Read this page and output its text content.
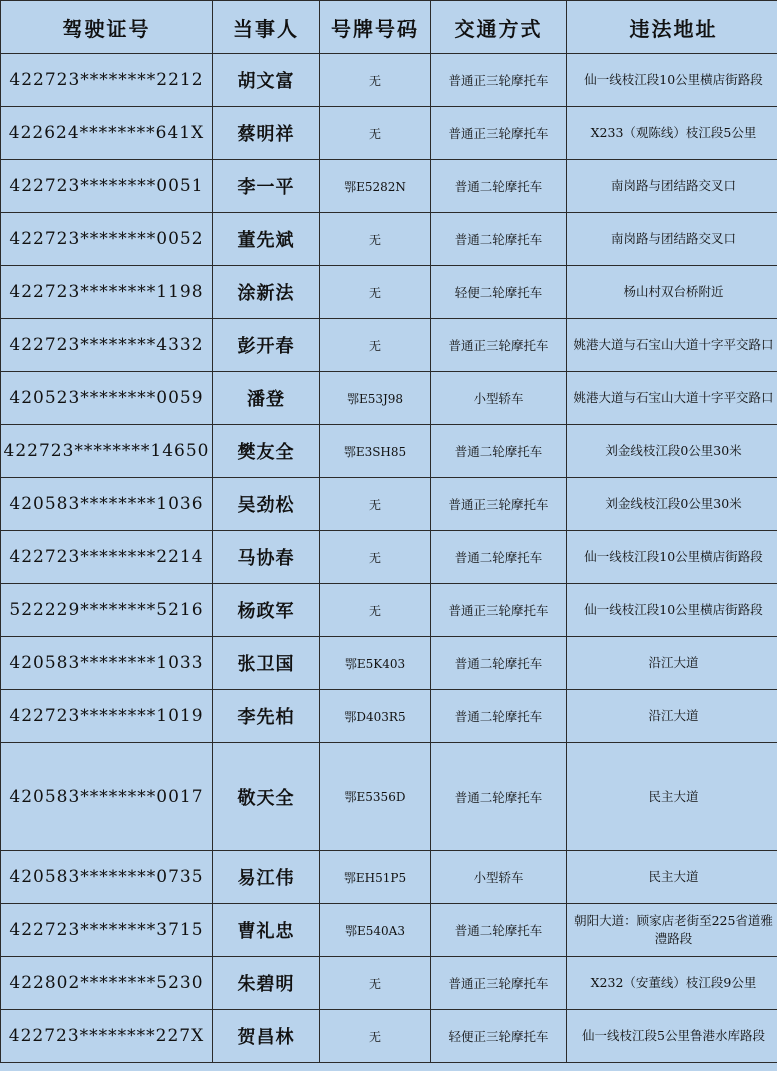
驾驶证号	当事人	号牌号码	交通方式	违法地址
422723********2212	胡文富	无	普通正三轮摩托车	仙一线枝江段10公里横店街路段
422624********641X	蔡明祥	无	普通正三轮摩托车	X233（观陈线）枝江段5公里
422723********0051	李一平	鄂E5282N	普通二轮摩托车	南岗路与团结路交叉口
422723********0052	董先斌	无	普通二轮摩托车	南岗路与团结路交叉口
422723********1198	涂新法	无	轻便二轮摩托车	杨山村双台桥附近
422723********4332	彭开春	无	普通正三轮摩托车	姚港大道与石宝山大道十字平交路口
420523********0059	潘登	鄂E53J98	小型轿车	姚港大道与石宝山大道十字平交路口
422723********14650	樊友全	鄂E3SH85	普通二轮摩托车	刘金线枝江段0公里30米
420583********1036	吴劲松	无	普通正三轮摩托车	刘金线枝江段0公里30米
422723********2214	马协春	无	普通二轮摩托车	仙一线枝江段10公里横店街路段
522229********5216	杨政军	无	普通正三轮摩托车	仙一线枝江段10公里横店街路段
420583********1033	张卫国	鄂E5K403	普通二轮摩托车	沿江大道
422723********1019	李先柏	鄂D403R5	普通二轮摩托车	沿江大道
420583********0017	敬天全	鄂E5356D	普通二轮摩托车	民主大道
420583********0735	易江伟	鄂EH51P5	小型轿车	民主大道
422723********3715	曹礼忠	鄂E540A3	普通二轮摩托车	朝阳大道：顾家店老街至225省道雅澧路段
422802********5230	朱碧明	无	普通正三轮摩托车	X232（安董线）枝江段9公里
422723********227X	贺昌林	无	轻便正三轮摩托车	仙一线枝江段5公里鲁港水库路段
